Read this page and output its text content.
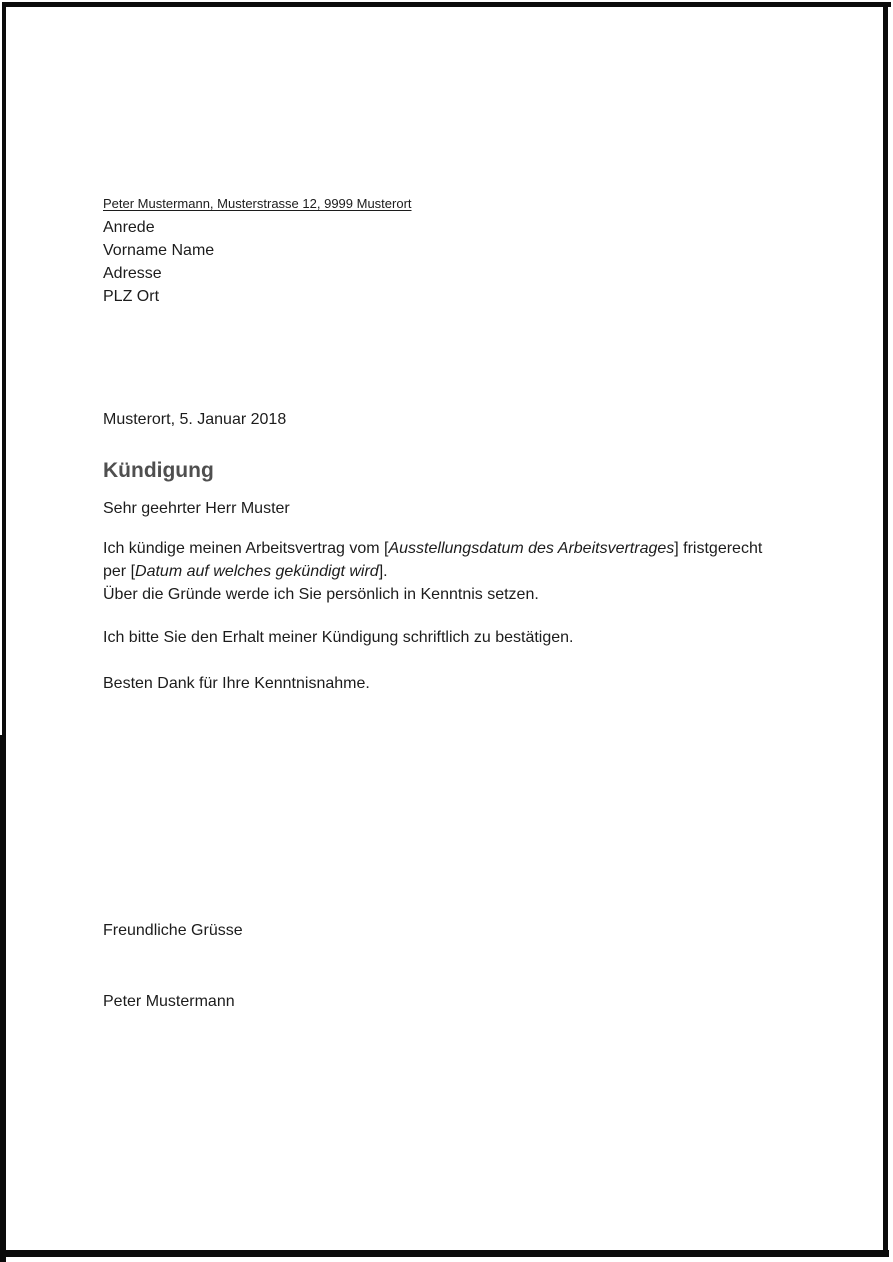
Peter Mustermann, Musterstrasse 12, 9999 Musterort
Anrede
Vorname Name
Adresse
PLZ Ort
Musterort, 5. Januar 2018
Kündigung
Sehr geehrter Herr Muster
Ich kündige meinen Arbeitsvertrag vom [Ausstellungsdatum des Arbeitsvertrages] fristgerecht
per [Datum auf welches gekündigt wird].
Über die Gründe werde ich Sie persönlich in Kenntnis setzen.
Ich bitte Sie den Erhalt meiner Kündigung schriftlich zu bestätigen.
Besten Dank für Ihre Kenntnisnahme.
Freundliche Grüsse
Peter Mustermann
